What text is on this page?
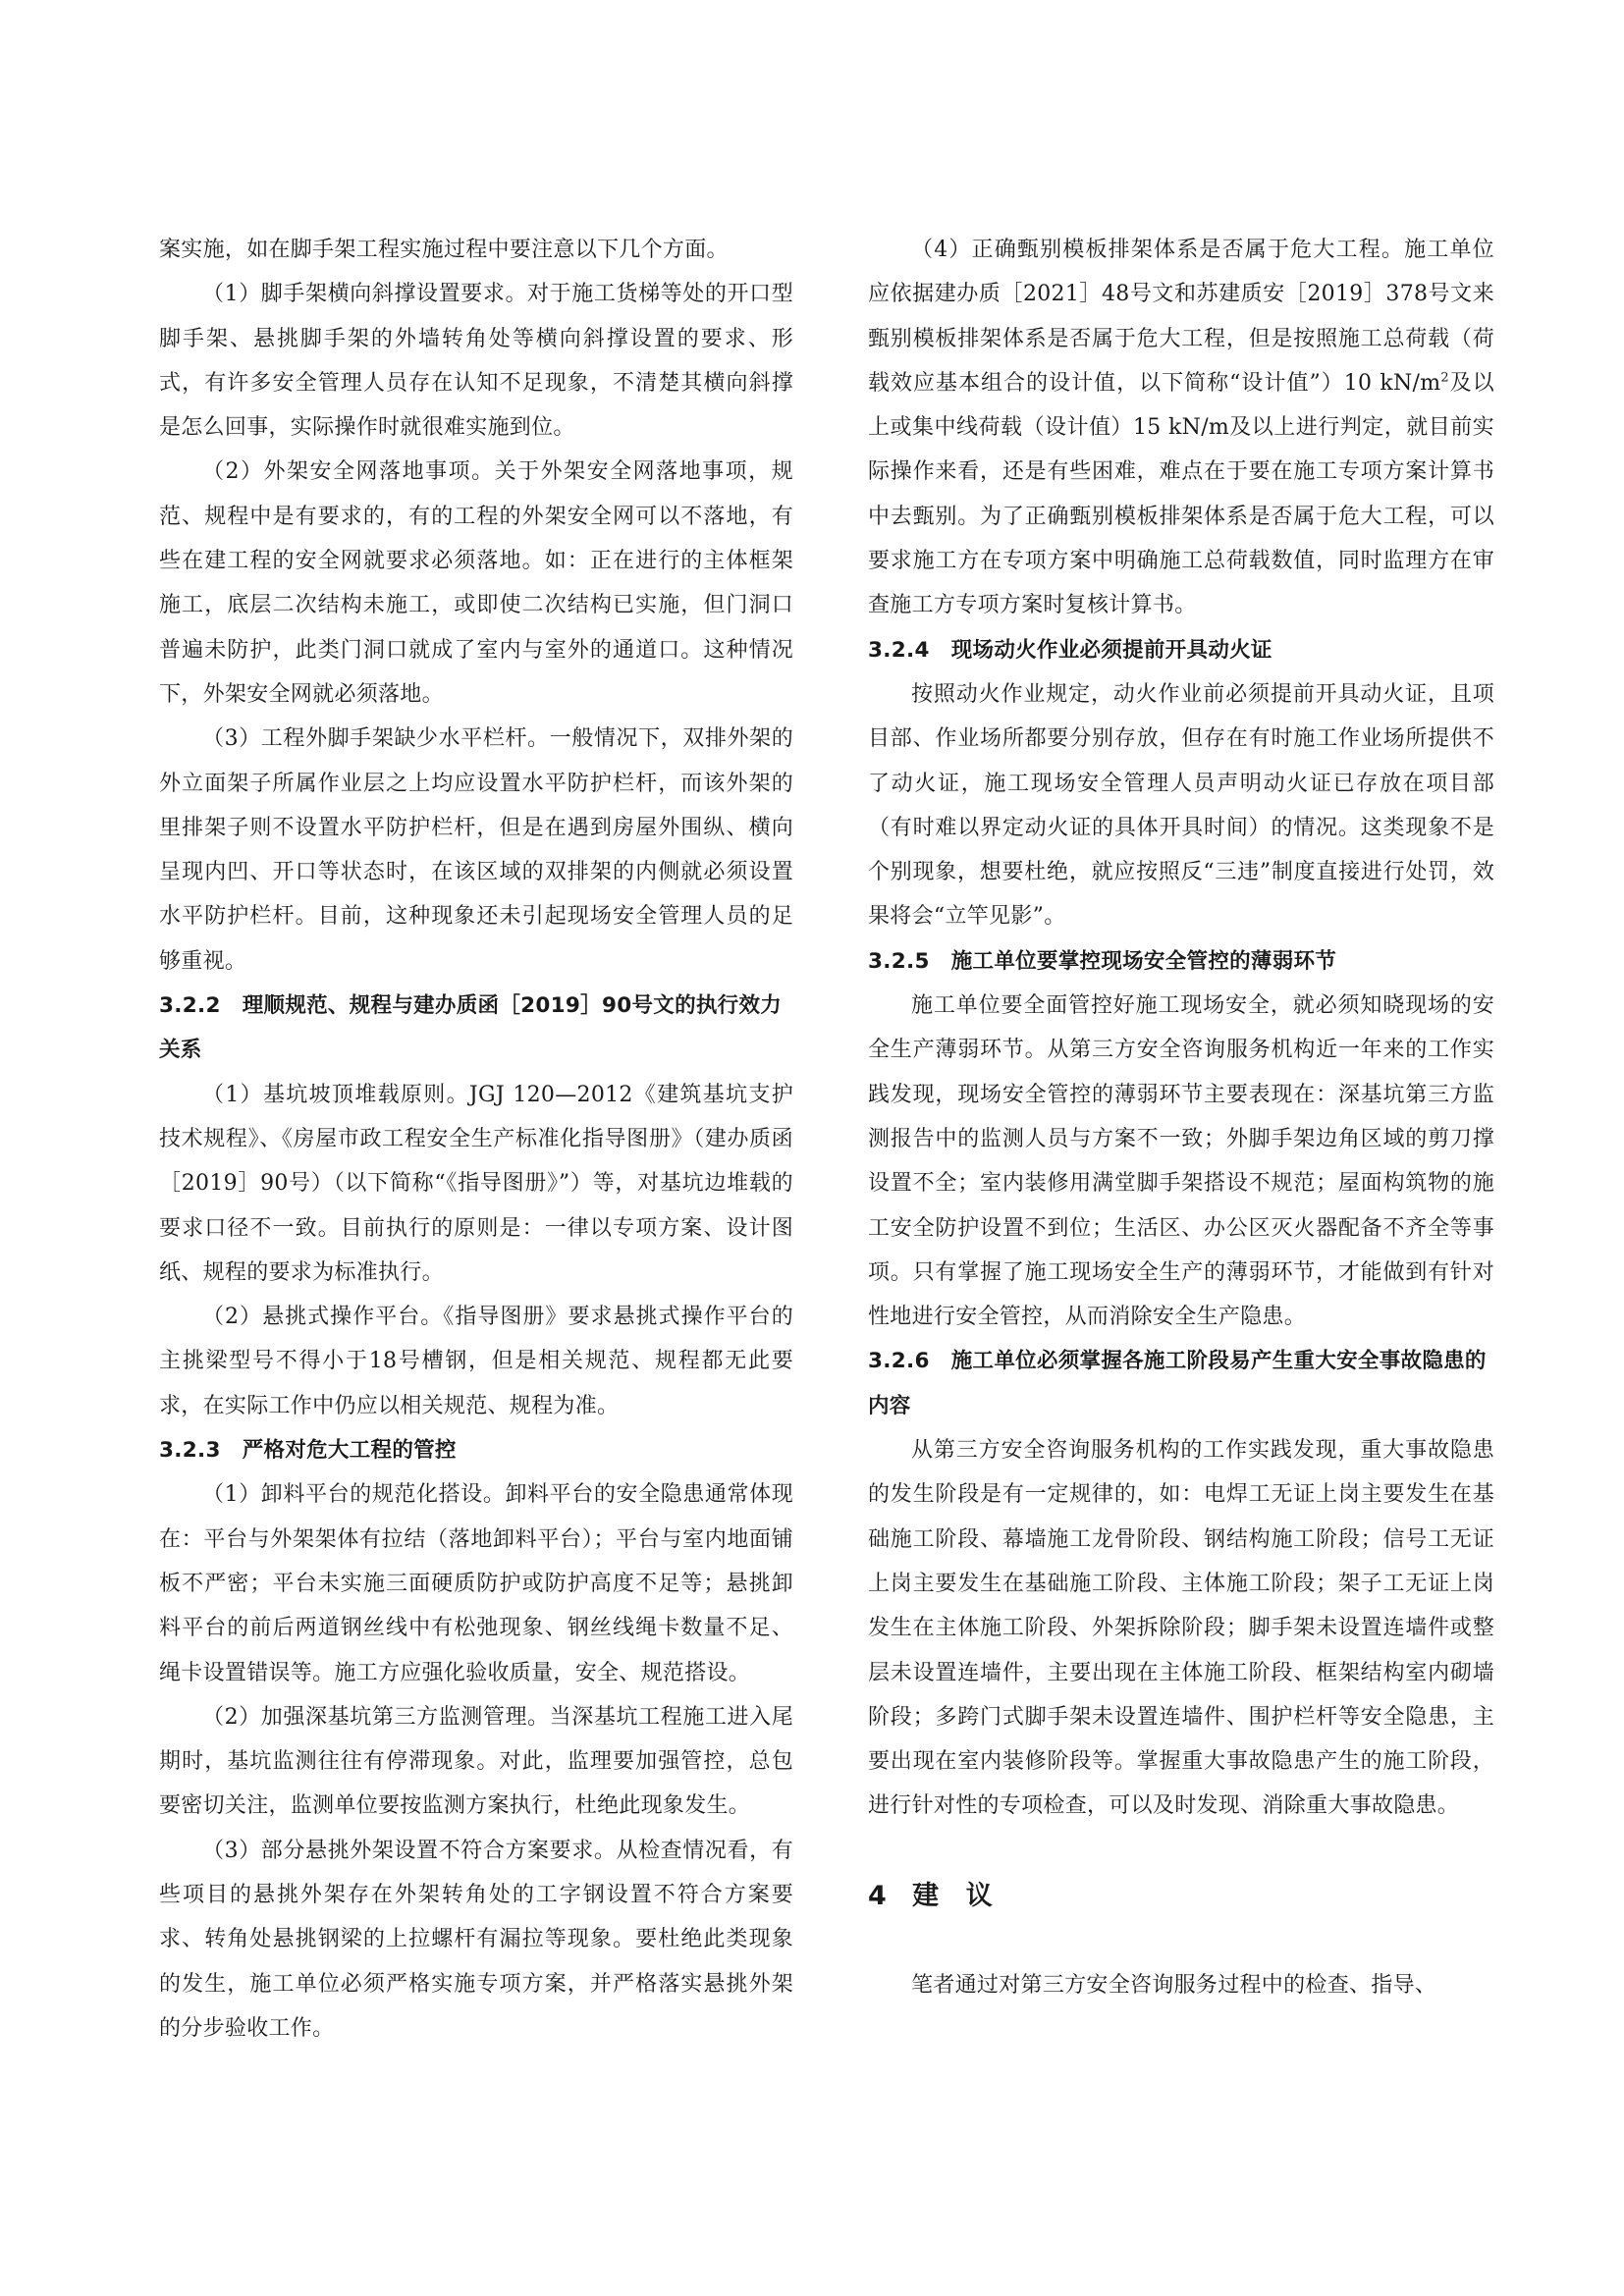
案实施，如在脚手架工程实施过程中要注意以下几个方面。

（1）脚手架横向斜撑设置要求。对于施工货梯等处的开口型脚手架、悬挑脚手架的外墙转角处等横向斜撑设置的要求、形式，有许多安全管理人员存在认知不足现象，不清楚其横向斜撑是怎么回事，实际操作时就很难实施到位。

（2）外架安全网落地事项。关于外架安全网落地事项，规范、规程中是有要求的，有的工程的外架安全网可以不落地，有些在建工程的安全网就要求必须落地。如：正在进行的主体框架施工，底层二次结构未施工，或即使二次结构已实施，但门洞口普遍未防护，此类门洞口就成了室内与室外的通道口。这种情况下，外架安全网就必须落地。

（3）工程外脚手架缺少水平栏杆。一般情况下，双排外架的外立面架子所属作业层之上均应设置水平防护栏杆，而该外架的里排架子则不设置水平防护栏杆，但是在遇到房屋外围纵、横向呈现内凹、开口等状态时，在该区域的双排架的内侧就必须设置水平防护栏杆。目前，这种现象还未引起现场安全管理人员的足够重视。

3.2.2 理顺规范、规程与建办质函［2019］90号文的执行效力关系

（1）基坑坡顶堆载原则。JGJ 120—2012《建筑基坑支护技术规程》、《房屋市政工程安全生产标准化指导图册》（建办质函［2019］90号）（以下简称“《指导图册》”）等，对基坑边堆载的要求口径不一致。目前执行的原则是：一律以专项方案、设计图纸、规程的要求为标准执行。

（2）悬挑式操作平台。《指导图册》要求悬挑式操作平台的主挑梁型号不得小于18号槽钢，但是相关规范、规程都无此要求，在实际工作中仍应以相关规范、规程为准。

3.2.3 严格对危大工程的管控

（1）卸料平台的规范化搭设。卸料平台的安全隐患通常体现在：平台与外架架体有拉结（落地卸料平台）；平台与室内地面铺板不严密；平台未实施三面硬质防护或防护高度不足等；悬挑卸料平台的前后两道钢丝线中有松弛现象、钢丝线绳卡数量不足、绳卡设置错误等。施工方应强化验收质量，安全、规范搭设。

（2）加强深基坑第三方监测管理。当深基坑工程施工进入尾期时，基坑监测往往有停滞现象。对此，监理要加强管控，总包要密切关注，监测单位要按监测方案执行，杜绝此现象发生。

（3）部分悬挑外架设置不符合方案要求。从检查情况看，有些项目的悬挑外架存在外架转角处的工字钢设置不符合方案要求、转角处悬挑钢梁的上拉螺杆有漏拉等现象。要杜绝此类现象的发生，施工单位必须严格实施专项方案，并严格落实悬挑外架的分步验收工作。

（4）正确甄别模板排架体系是否属于危大工程。施工单位应依据建办质［2021］48号文和苏建质安［2019］378号文来甄别模板排架体系是否属于危大工程，但是按照施工总荷载（荷载效应基本组合的设计值，以下简称“设计值”）10 $kN/m^2$及以上或集中线荷载（设计值）15 kN/m及以上进行判定，就目前实际操作来看，还是有些困难，难点在于要在施工专项方案计算书中去甄别。为了正确甄别模板排架体系是否属于危大工程，可以要求施工方在专项方案中明确施工总荷载数值，同时监理方在审查施工方专项方案时复核计算书。

3.2.4 现场动火作业必须提前开具动火证

按照动火作业规定，动火作业前必须提前开具动火证，且项目部、作业场所都要分别存放，但存在有时施工作业场所提供不了动火证，施工现场安全管理人员声明动火证已存放在项目部（有时难以界定动火证的具体开具时间）的情况。这类现象不是个别现象，想要杜绝，就应按照反“三违”制度直接进行处罚，效果将会“立竿见影”。

3.2.5 施工单位要掌控现场安全管控的薄弱环节

施工单位要全面管控好施工现场安全，就必须知晓现场的安全生产薄弱环节。从第三方安全咨询服务机构近一年来的工作实践发现，现场安全管控的薄弱环节主要表现在：深基坑第三方监测报告中的监测人员与方案不一致；外脚手架边角区域的剪刀撑设置不全；室内装修用满堂脚手架搭设不规范；屋面构筑物的施工安全防护设置不到位；生活区、办公区灭火器配备不齐全等事项。只有掌握了施工现场安全生产的薄弱环节，才能做到有针对性地进行安全管控，从而消除安全生产隐患。

3.2.6 施工单位必须掌握各施工阶段易产生重大安全事故隐患的内容

从第三方安全咨询服务机构的工作实践发现，重大事故隐患的发生阶段是有一定规律的，如：电焊工无证上岗主要发生在基础施工阶段、幕墙施工龙骨阶段、钢结构施工阶段；信号工无证上岗主要发生在基础施工阶段、主体施工阶段；架子工无证上岗发生在主体施工阶段、外架拆除阶段；脚手架未设置连墙件或整层未设置连墙件，主要出现在主体施工阶段、框架结构室内砌墙阶段；多跨门式脚手架未设置连墙件、围护栏杆等安全隐患，主要出现在室内装修阶段等。掌握重大事故隐患产生的施工阶段，进行针对性的专项检查，可以及时发现、消除重大事故隐患。

4 建　议

笔者通过对第三方安全咨询服务过程中的检查、指导、
